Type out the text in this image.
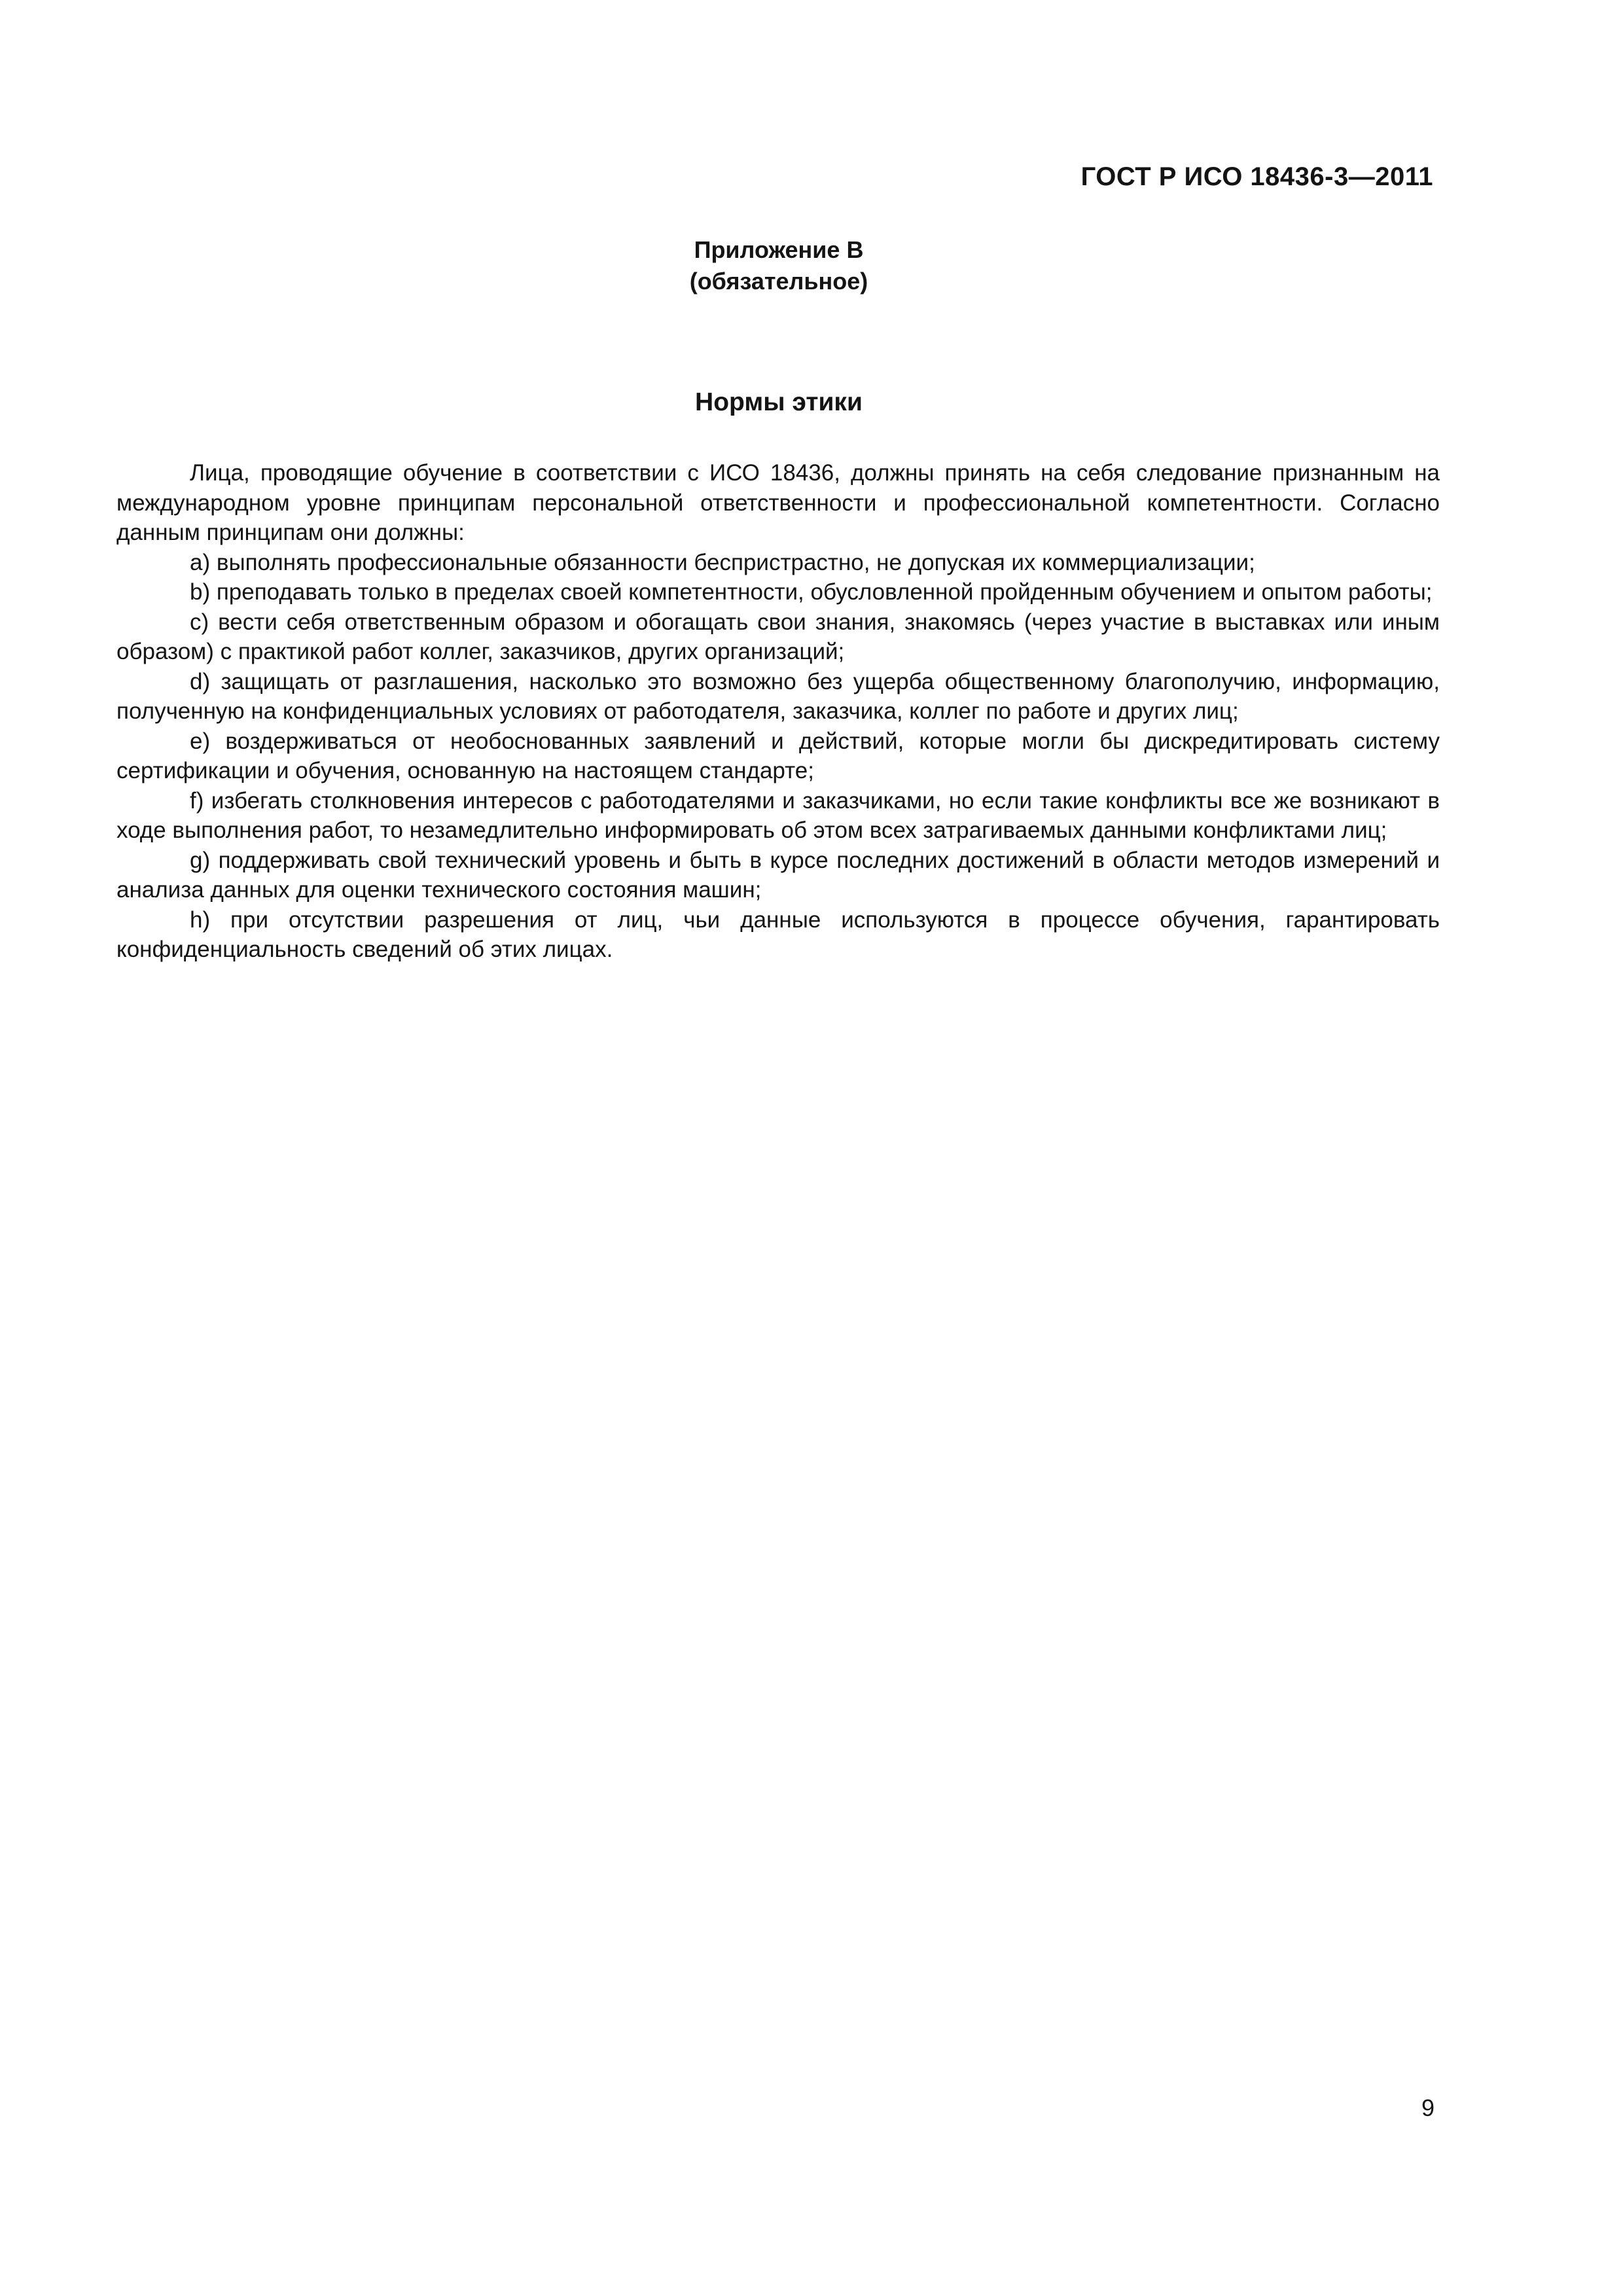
ГОСТ Р ИСО 18436-3—2011
Приложение В
(обязательное)
Нормы этики

Лица, проводящие обучение в соответствии с ИСО 18436, должны принять на себя следование признанным на международном уровне принципам персональной ответственности и профессиональной компетентности. Согласно данным принципам они должны:

a) выполнять профессиональные обязанности беспристрастно, не допуская их коммерциализации;

b) преподавать только в пределах своей компетентности, обусловленной пройденным обучением и опытом работы;

c) вести себя ответственным образом и обогащать свои знания, знакомясь (через участие в выставках или иным образом) с практикой работ коллег, заказчиков, других организаций;

d) защищать от разглашения, насколько это возможно без ущерба общественному благополучию, информацию, полученную на конфиденциальных условиях от работодателя, заказчика, коллег по работе и других лиц;

e) воздерживаться от необоснованных заявлений и действий, которые могли бы дискредитировать систему сертификации и обучения, основанную на настоящем стандарте;

f) избегать столкновения интересов с работодателями и заказчиками, но если такие конфликты все же возникают в ходе выполнения работ, то незамедлительно информировать об этом всех затрагиваемых данными конфликтами лиц;

g) поддерживать свой технический уровень и быть в курсе последних достижений в области методов измерений и анализа данных для оценки технического состояния машин;

h) при отсутствии разрешения от лиц, чьи данные используются в процессе обучения, гарантировать конфиденциальность сведений об этих лицах.

9
